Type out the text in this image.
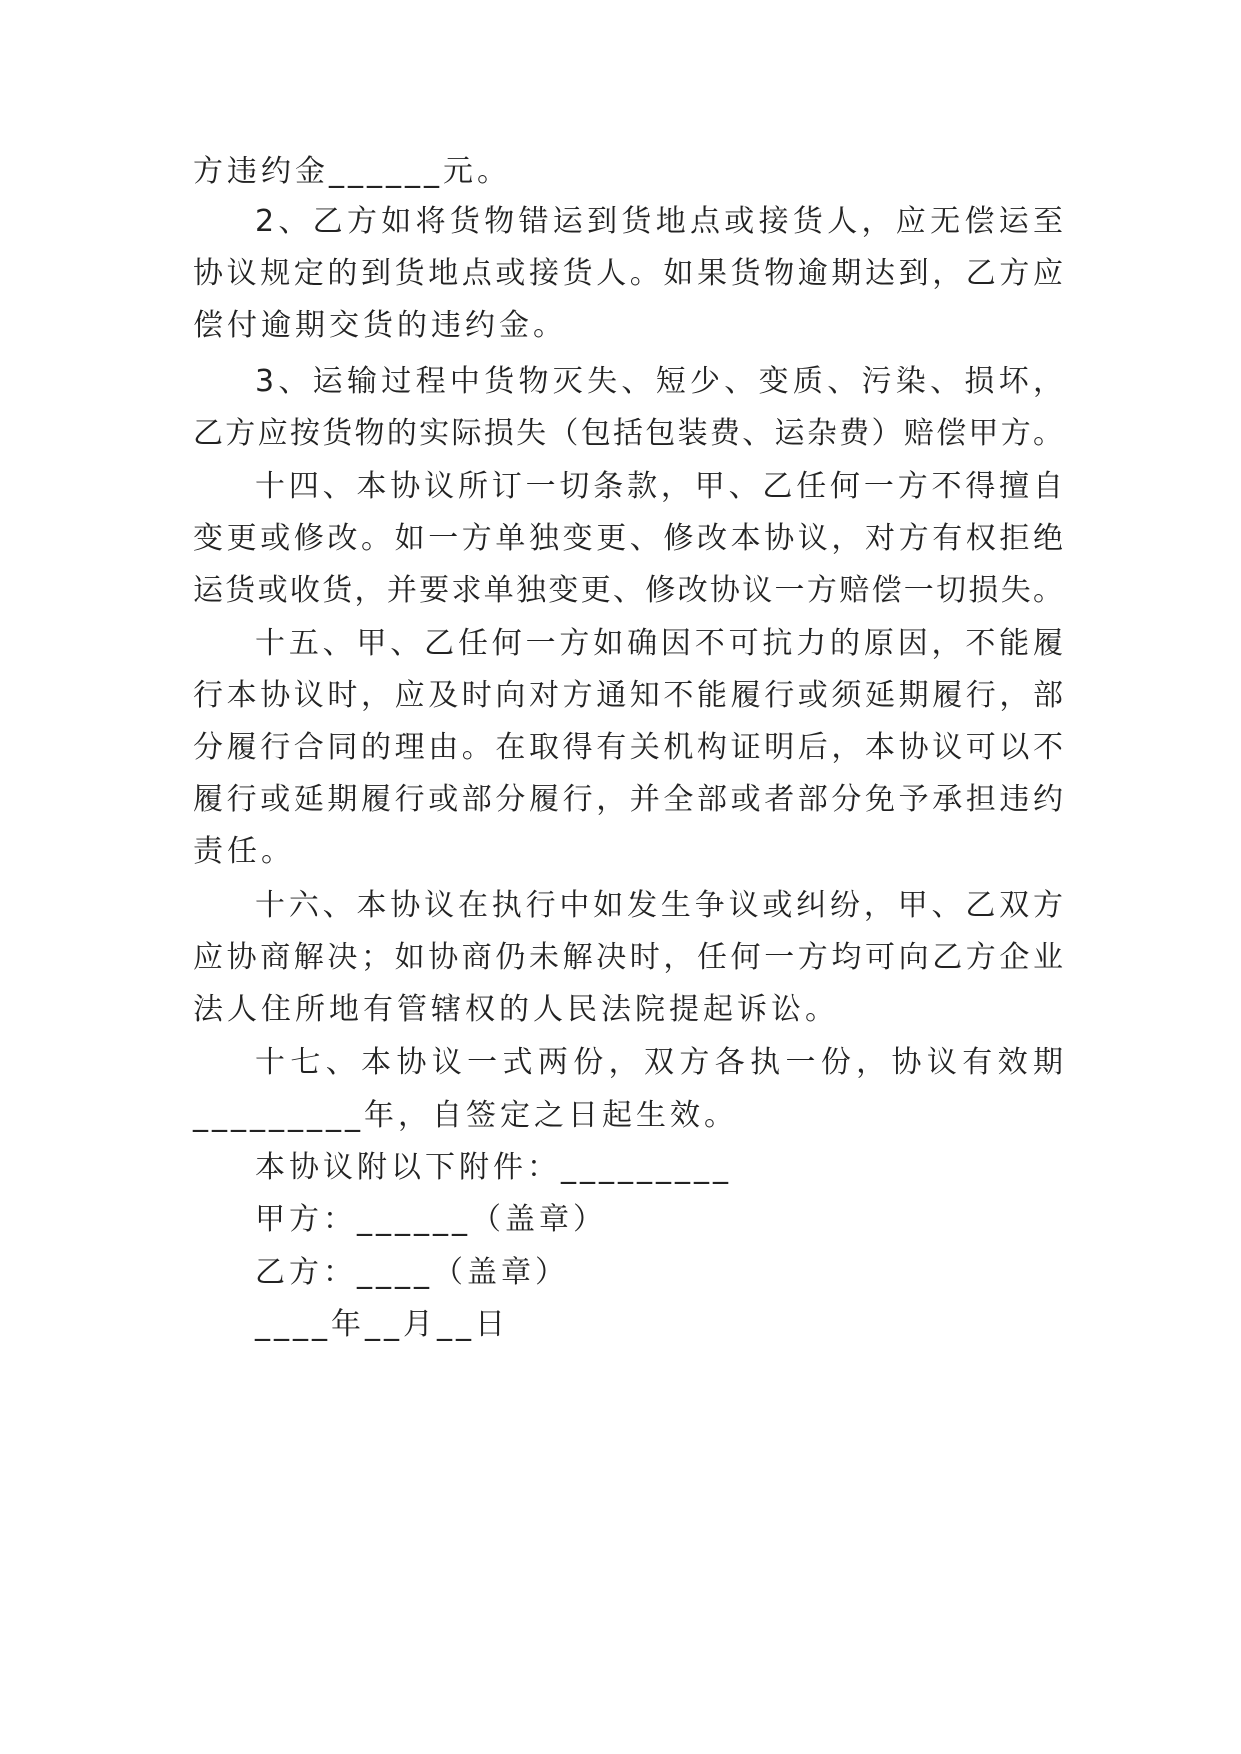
方违约金______元。
2、乙方如将货物错运到货地点或接货人，应无偿运至
协议规定的到货地点或接货人。如果货物逾期达到，乙方应
偿付逾期交货的违约金。
3、运输过程中货物灭失、短少、变质、污染、损坏，
乙方应按货物的实际损失（包括包装费、运杂费）赔偿甲方。
十四、本协议所订一切条款，甲、乙任何一方不得擅自
变更或修改。如一方单独变更、修改本协议，对方有权拒绝
运货或收货，并要求单独变更、修改协议一方赔偿一切损失。
十五、甲、乙任何一方如确因不可抗力的原因，不能履
行本协议时，应及时向对方通知不能履行或须延期履行，部
分履行合同的理由。在取得有关机构证明后，本协议可以不
履行或延期履行或部分履行，并全部或者部分免予承担违约
责任。
十六、本协议在执行中如发生争议或纠纷，甲、乙双方
应协商解决；如协商仍未解决时，任何一方均可向乙方企业
法人住所地有管辖权的人民法院提起诉讼。
十七、本协议一式两份，双方各执一份，协议有效期
_________年，自签定之日起生效。
本协议附以下附件：_________
甲方：______（盖章）
乙方：____（盖章）
____年__月__日
